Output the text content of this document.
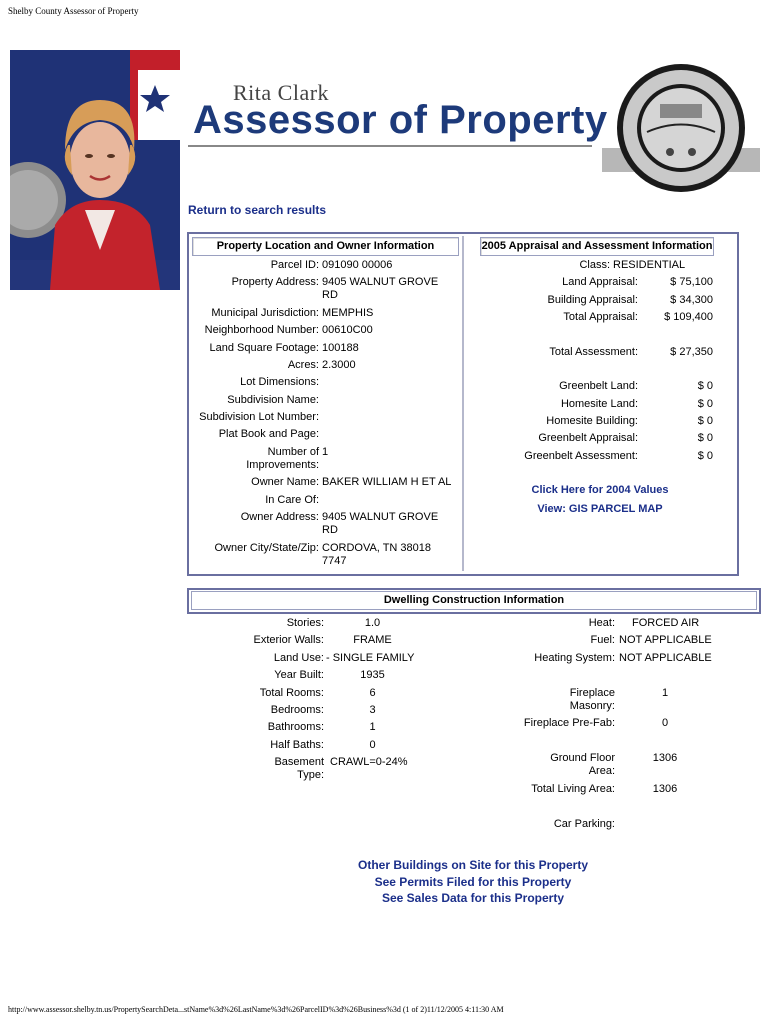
Shelby County Assessor of Property
Rita Clark
Assessor of Property
Return to search results
Property Location and Owner Information	2005 Appraisal and Assessment Information
Parcel ID: 091090 00006
Property Address: 9405 WALNUT GROVE RD
Municipal Jurisdiction: MEMPHIS
Neighborhood Number: 00610C00
Land Square Footage: 100188
Acres: 2.3000
Lot Dimensions:
Subdivision Name:
Subdivision Lot Number:
Plat Book and Page:
Number of Improvements:
1
Owner Name: BAKER WILLIAM H ET AL
In Care Of:
Owner Address: 9405 WALNUT GROVE RD
Owner City/State/Zip: CORDOVA, TN 38018 7747
Class: RESIDENTIAL
Land Appraisal:	$ 75,100
Building Appraisal:	$ 34,300
Total Appraisal:	$ 109,400
Total Assessment:	$ 27,350
Greenbelt Land:	$ 0
Homesite Land:	$ 0
Homesite Building:	$ 0
Greenbelt Appraisal:	$ 0
Greenbelt Assessment:	$ 0
Click Here for 2004 Values
View: GIS PARCEL MAP
Dwelling Construction Information
Stories:	1.0
Exterior Walls:	FRAME
Land Use: - SINGLE FAMILY
Year Built:	1935
Total Rooms:	6
Bedrooms:	3
Bathrooms:	1
Half Baths:	0
Basement Type:
CRAWL=0-24%
Heat: FORCED AIR
Fuel: NOT APPLICABLE
Heating System: NOT APPLICABLE
Fireplace Masonry:
1
Fireplace Pre-Fab:	0
Ground Floor Area:
1306
Total Living Area:	1306
Car Parking:
Other Buildings on Site for this Property
See Permits Filed for this Property
See Sales Data for this Property
http://www.assessor.shelby.tn.us/PropertySearchDeta...stName%3d%26LastName%3d%26ParcelID%3d%26Business%3d (1 of 2)11/12/2005 4:11:30 AM
